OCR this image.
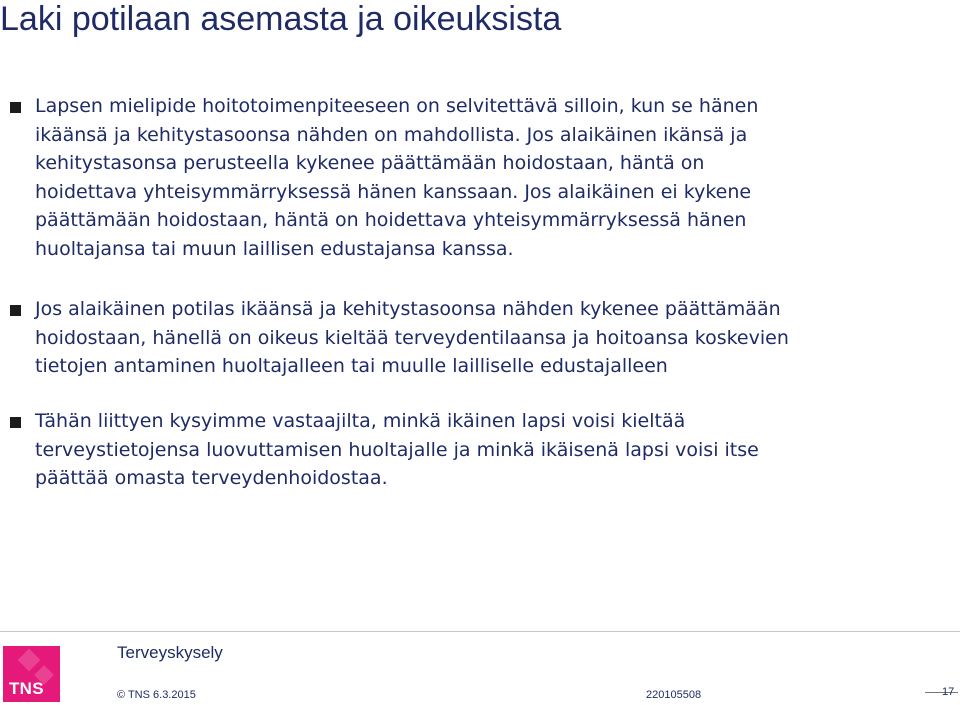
Laki potilaan asemasta ja oikeuksista
Lapsen mielipide hoitotoimenpiteeseen on selvitettävä silloin, kun se hänen
ikäänsä ja kehitystasoonsa nähden on mahdollista. Jos alaikäinen ikänsä ja
kehitystasonsa perusteella kykenee päättämään hoidostaan, häntä on
hoidettava yhteisymmärryksessä hänen kanssaan. Jos alaikäinen ei kykene
päättämään hoidostaan, häntä on hoidettava yhteisymmärryksessä hänen
huoltajansa tai muun laillisen edustajansa kanssa.
Jos alaikäinen potilas ikäänsä ja kehitystasoonsa nähden kykenee päättämään
hoidostaan, hänellä on oikeus kieltää terveydentilaansa ja hoitoansa koskevien
tietojen antaminen huoltajalleen tai muulle lailliselle edustajalleen
Tähän liittyen kysyimme vastaajilta, minkä ikäinen lapsi voisi kieltää
terveystietojensa luovuttamisen huoltajalle ja minkä ikäisenä lapsi voisi itse
päättää omasta terveydenhoidostaa.
TNS
Terveyskysely
© TNS 6.3.2015	220105508	17
